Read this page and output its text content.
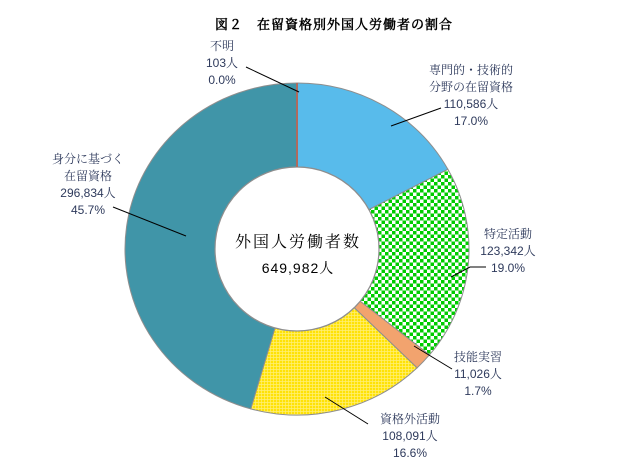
図２　在留資格別外国人労働者の割合
外国人労働者数
649,982人
不明
103人
0.0%
専門的・技術的
分野の在留資格
110,586人
17.0%
特定活動
123,342人
19.0%
技能実習
11,026人
1.7%
資格外活動
108,091人
16.6%
身分に基づく
在留資格
296,834人
45.7%
